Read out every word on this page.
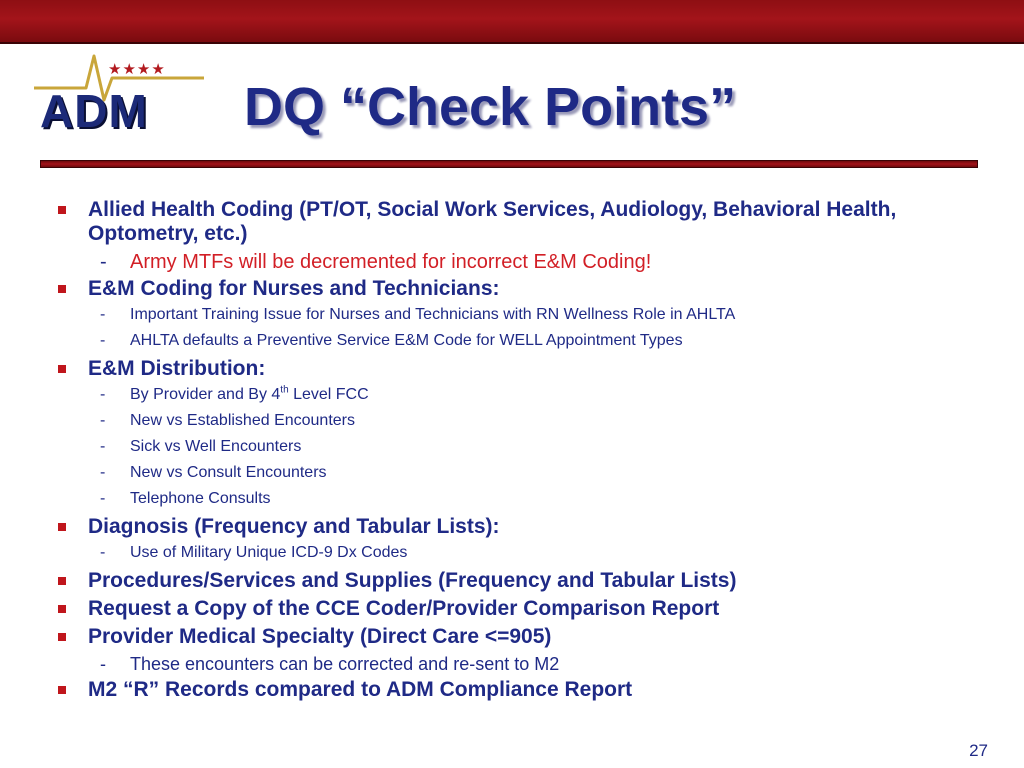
★★★★
ADM DQ “Check Points”
Allied Health Coding (PT/OT, Social Work Services, Audiology, Behavioral Health, Optometry, etc.)
- Army MTFs will be decremented for incorrect E&M Coding!
E&M Coding for Nurses and Technicians:
- Important Training Issue for Nurses and Technicians with RN Wellness Role in AHLTA
- AHLTA defaults a Preventive Service E&M Code for WELL Appointment Types
E&M Distribution:
- By Provider and By 4th Level FCC
- New vs Established Encounters
- Sick vs Well Encounters
- New vs Consult Encounters
- Telephone Consults
Diagnosis (Frequency and Tabular Lists):
- Use of Military Unique ICD-9 Dx Codes
Procedures/Services and Supplies (Frequency and Tabular Lists)
Request a Copy of the CCE Coder/Provider Comparison Report
Provider Medical Specialty (Direct Care <=905)
- These encounters can be corrected and re-sent to M2
M2 “R” Records compared to ADM Compliance Report
27
